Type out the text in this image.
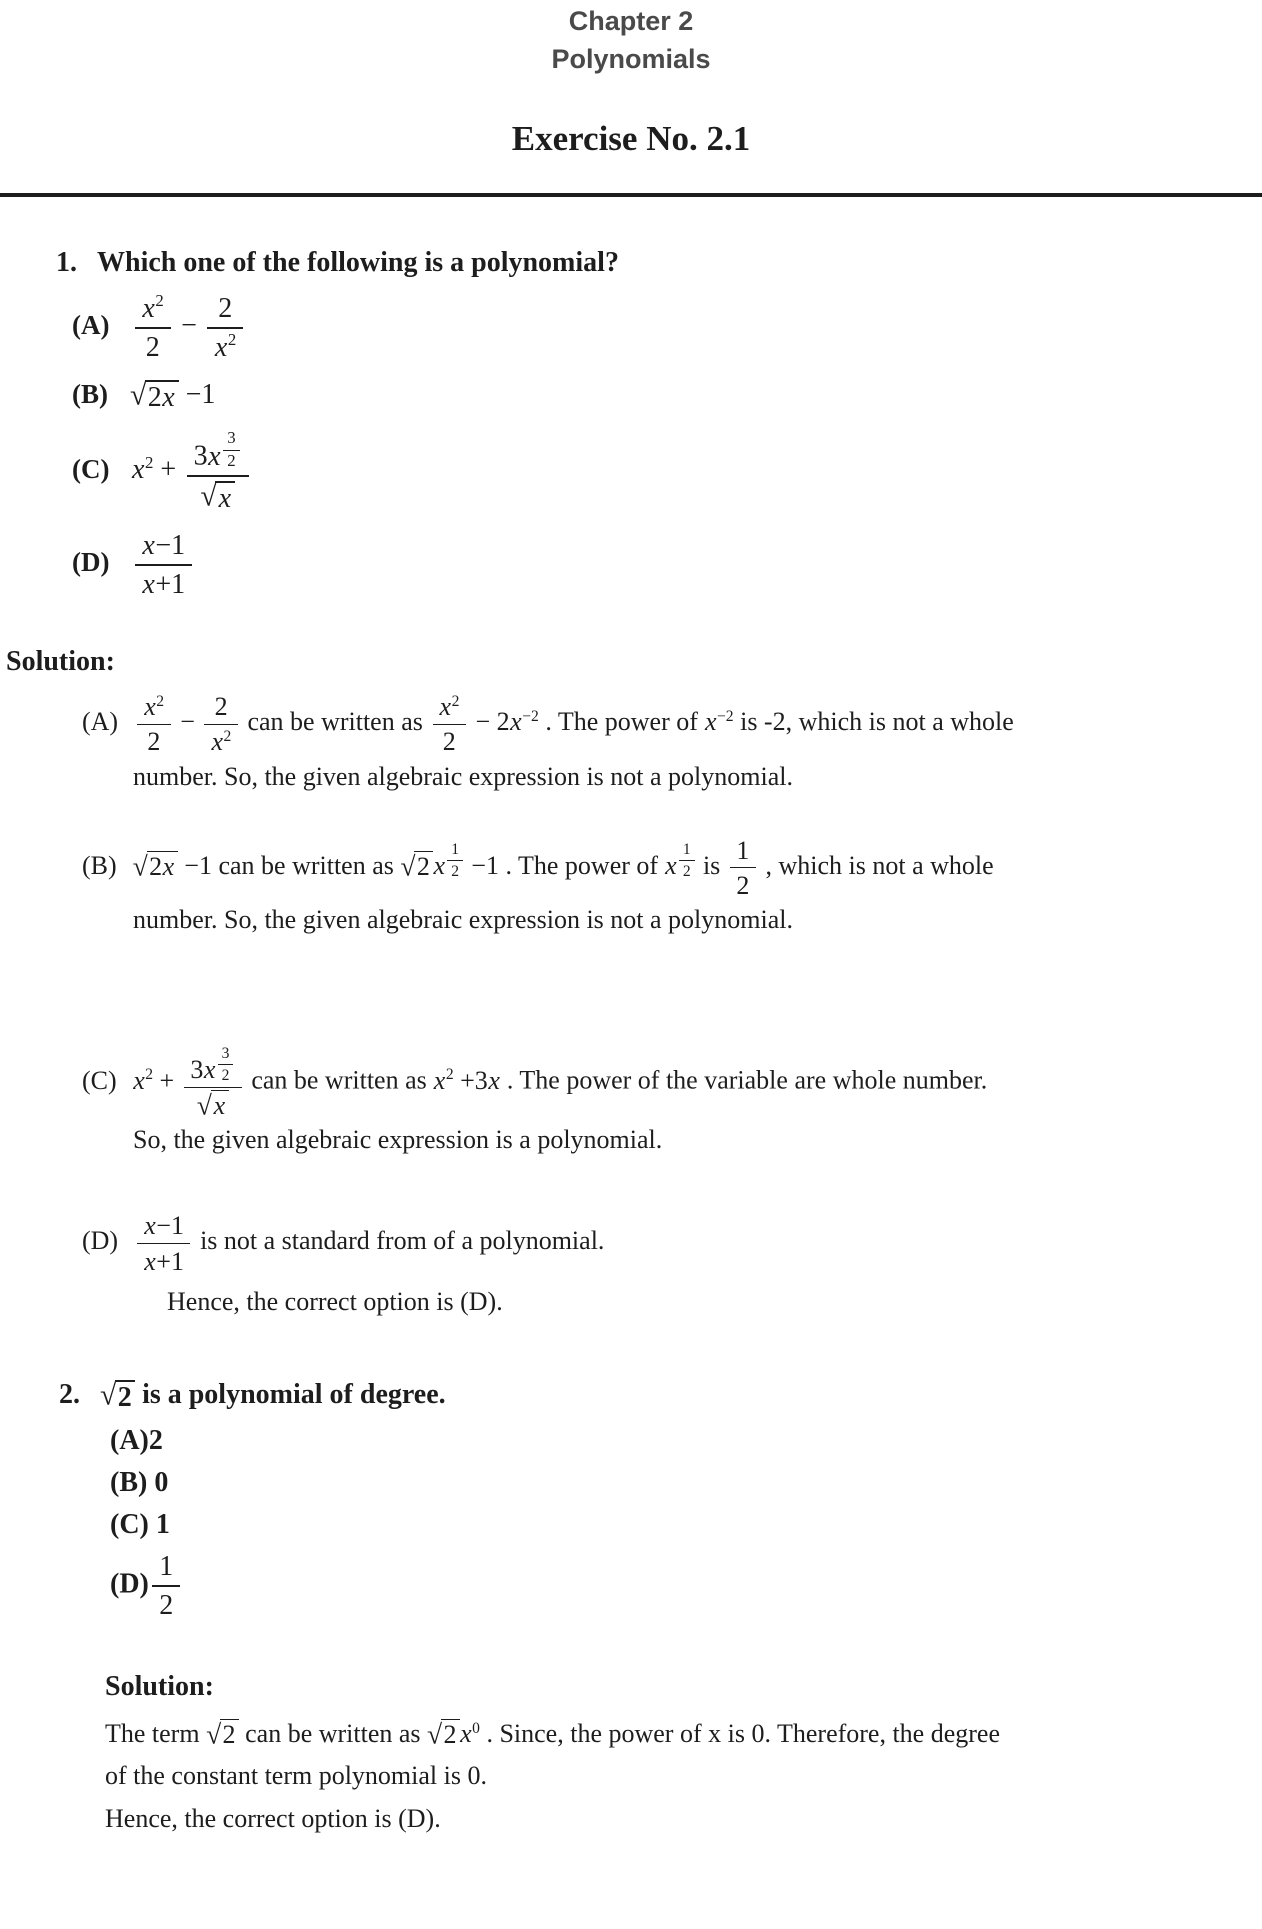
Chapter 2
Polynomials
Exercise No. 2.1
1. Which one of the following is a polynomial?
$(A) \frac{x2}{2} - \frac{2}{x2}$
(B) √ 2x −1
(C) $x2 + \frac{3x \frac{3}{2}}{√ x}$
$(D) \frac{x-1}{x+1}$
Solution:
$(A) \frac{x2}{2} - \frac{2}{x2}$ can be written as $\frac{x2}{2} - 2x-2$ . The power of x−2 is -2, which is not a whole
number. So, the given algebraic expression is not a polynomial.
(B) √ 2x −1 can be written as √ 2 x $\frac{1}{2} -1$ . The power of x $\frac{1}{2}$ is $\frac{1}{2}$ , which is not a whole
number. So, the given algebraic expression is not a polynomial.
(C) $x2 + \frac{3x \frac{3}{2}}{√ x}$ can be written as x2 +3x . The power of the variable are whole number.
So, the given algebraic expression is a polynomial.
$(D) \frac{x-1}{x+1}$ is not a standard from of a polynomial.
Hence, the correct option is (D).
2. √ 2 is a polynomial of degree.
(A)2
(B) 0
(C) 1
$(D) \frac{1}{2}$
Solution:
The term √ 2 can be written as √ 2 x0 . Since, the power of x is 0. Therefore, the degree
of the constant term polynomial is 0.
Hence, the correct option is (D).
